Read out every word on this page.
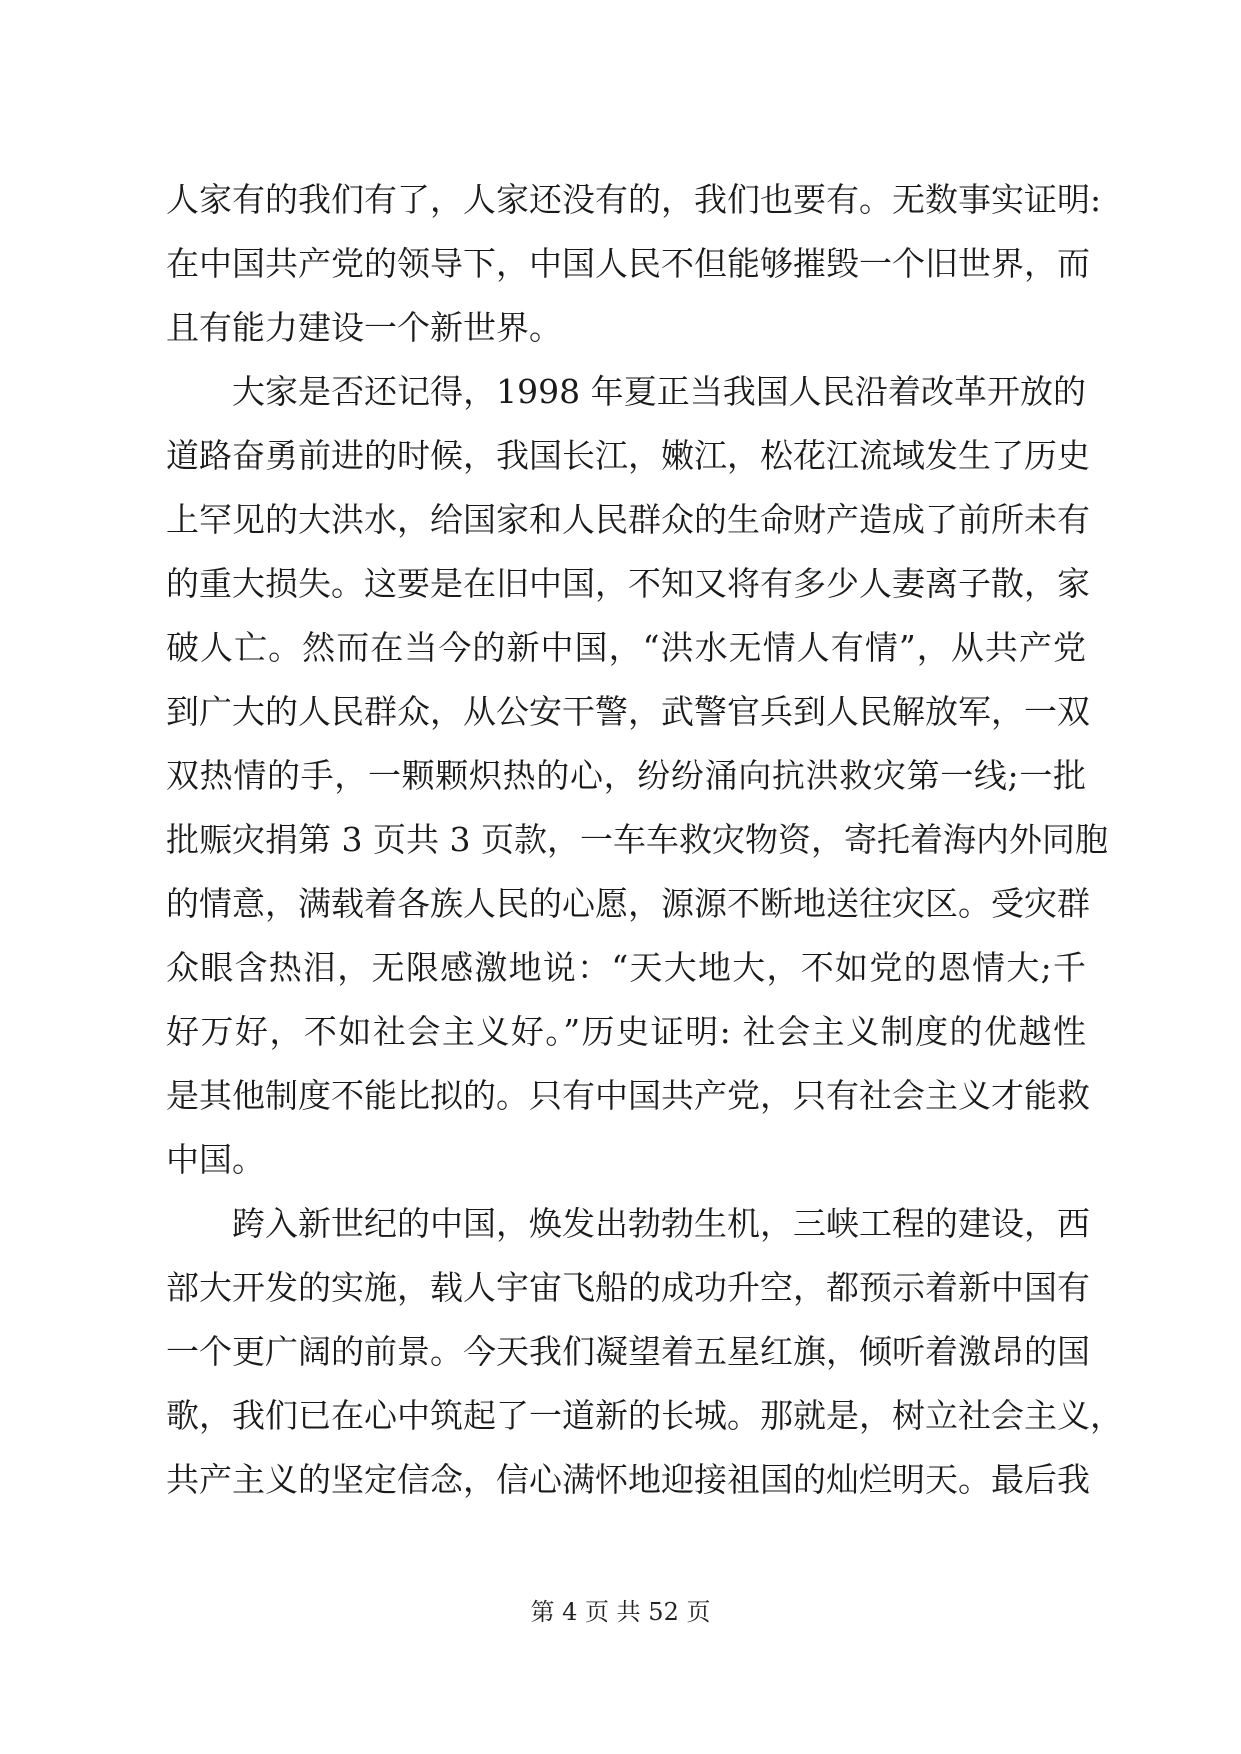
人家有的我们有了，人家还没有的，我们也要有。无数事实证明:
在中国共产党的领导下，中国人民不但能够摧毁一个旧世界，而
且有能力建设一个新世界。
大家是否还记得，1998 年夏正当我国人民沿着改革开放的
道路奋勇前进的时候，我国长江，嫩江，松花江流域发生了历史
上罕见的大洪水，给国家和人民群众的生命财产造成了前所未有
的重大损失。这要是在旧中国，不知又将有多少人妻离子散，家
破人亡。然而在当今的新中国，“洪水无情人有情”，从共产党
到广大的人民群众，从公安干警，武警官兵到人民解放军，一双
双热情的手，一颗颗炽热的心，纷纷涌向抗洪救灾第一线;一批
批赈灾捐第 3 页共 3 页款，一车车救灾物资，寄托着海内外同胞
的情意，满载着各族人民的心愿，源源不断地送往灾区。受灾群
众眼含热泪，无限感激地说：“天大地大，不如党的恩情大;千
好万好，不如社会主义好。”历史证明: 社会主义制度的优越性
是其他制度不能比拟的。只有中国共产党，只有社会主义才能救
中国。
跨入新世纪的中国，焕发出勃勃生机，三峡工程的建设，西
部大开发的实施，载人宇宙飞船的成功升空，都预示着新中国有
一个更广阔的前景。今天我们凝望着五星红旗，倾听着激昂的国
歌，我们已在心中筑起了一道新的长城。那就是，树立社会主义，
共产主义的坚定信念，信心满怀地迎接祖国的灿烂明天。最后我
第 4 页 共 52 页
